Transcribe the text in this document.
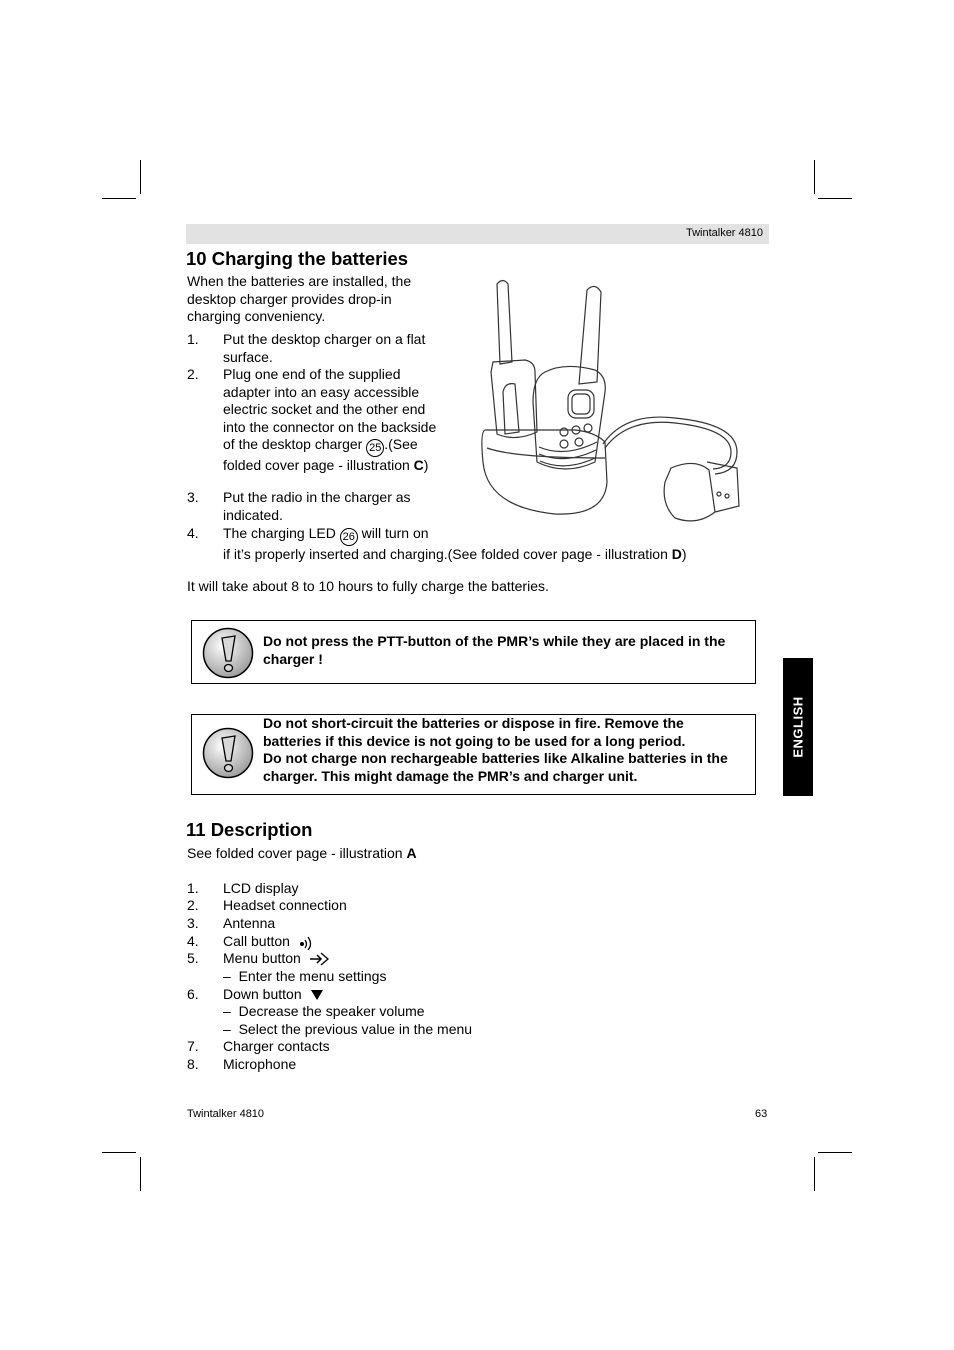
Twintalker 4810
10 Charging the batteries
When the batteries are installed, the desktop charger provides drop-in charging conveniency.
1. Put the desktop charger on a flat surface.
2. Plug one end of the supplied adapter into an easy accessible electric socket and the other end into the connector on the backside of the desktop charger 25 .(See folded cover page - illustration C)
3. Put the radio in the charger as indicated.
4. The charging LED 26 will turn on
if it’s properly inserted and charging.(See folded cover page - illustration D)
It will take about 8 to 10 hours to fully charge the batteries.
Do not press the PTT-button of the PMR’s while they are placed in the charger !
Do not short-circuit the batteries or dispose in fire. Remove the batteries if this device is not going to be used for a long period.
Do not charge non rechargeable batteries like Alkaline batteries in the charger. This might damage the PMR’s and charger unit.
ENGLISH
11 Description
See folded cover page - illustration A
1. LCD display
2. Headset connection
3. Antenna
4. Call button
5. Menu button
–  Enter the menu settings
6. Down button
–  Decrease the speaker volume
–  Select the previous value in the menu
7. Charger contacts
8. Microphone
Twintalker 4810	63
